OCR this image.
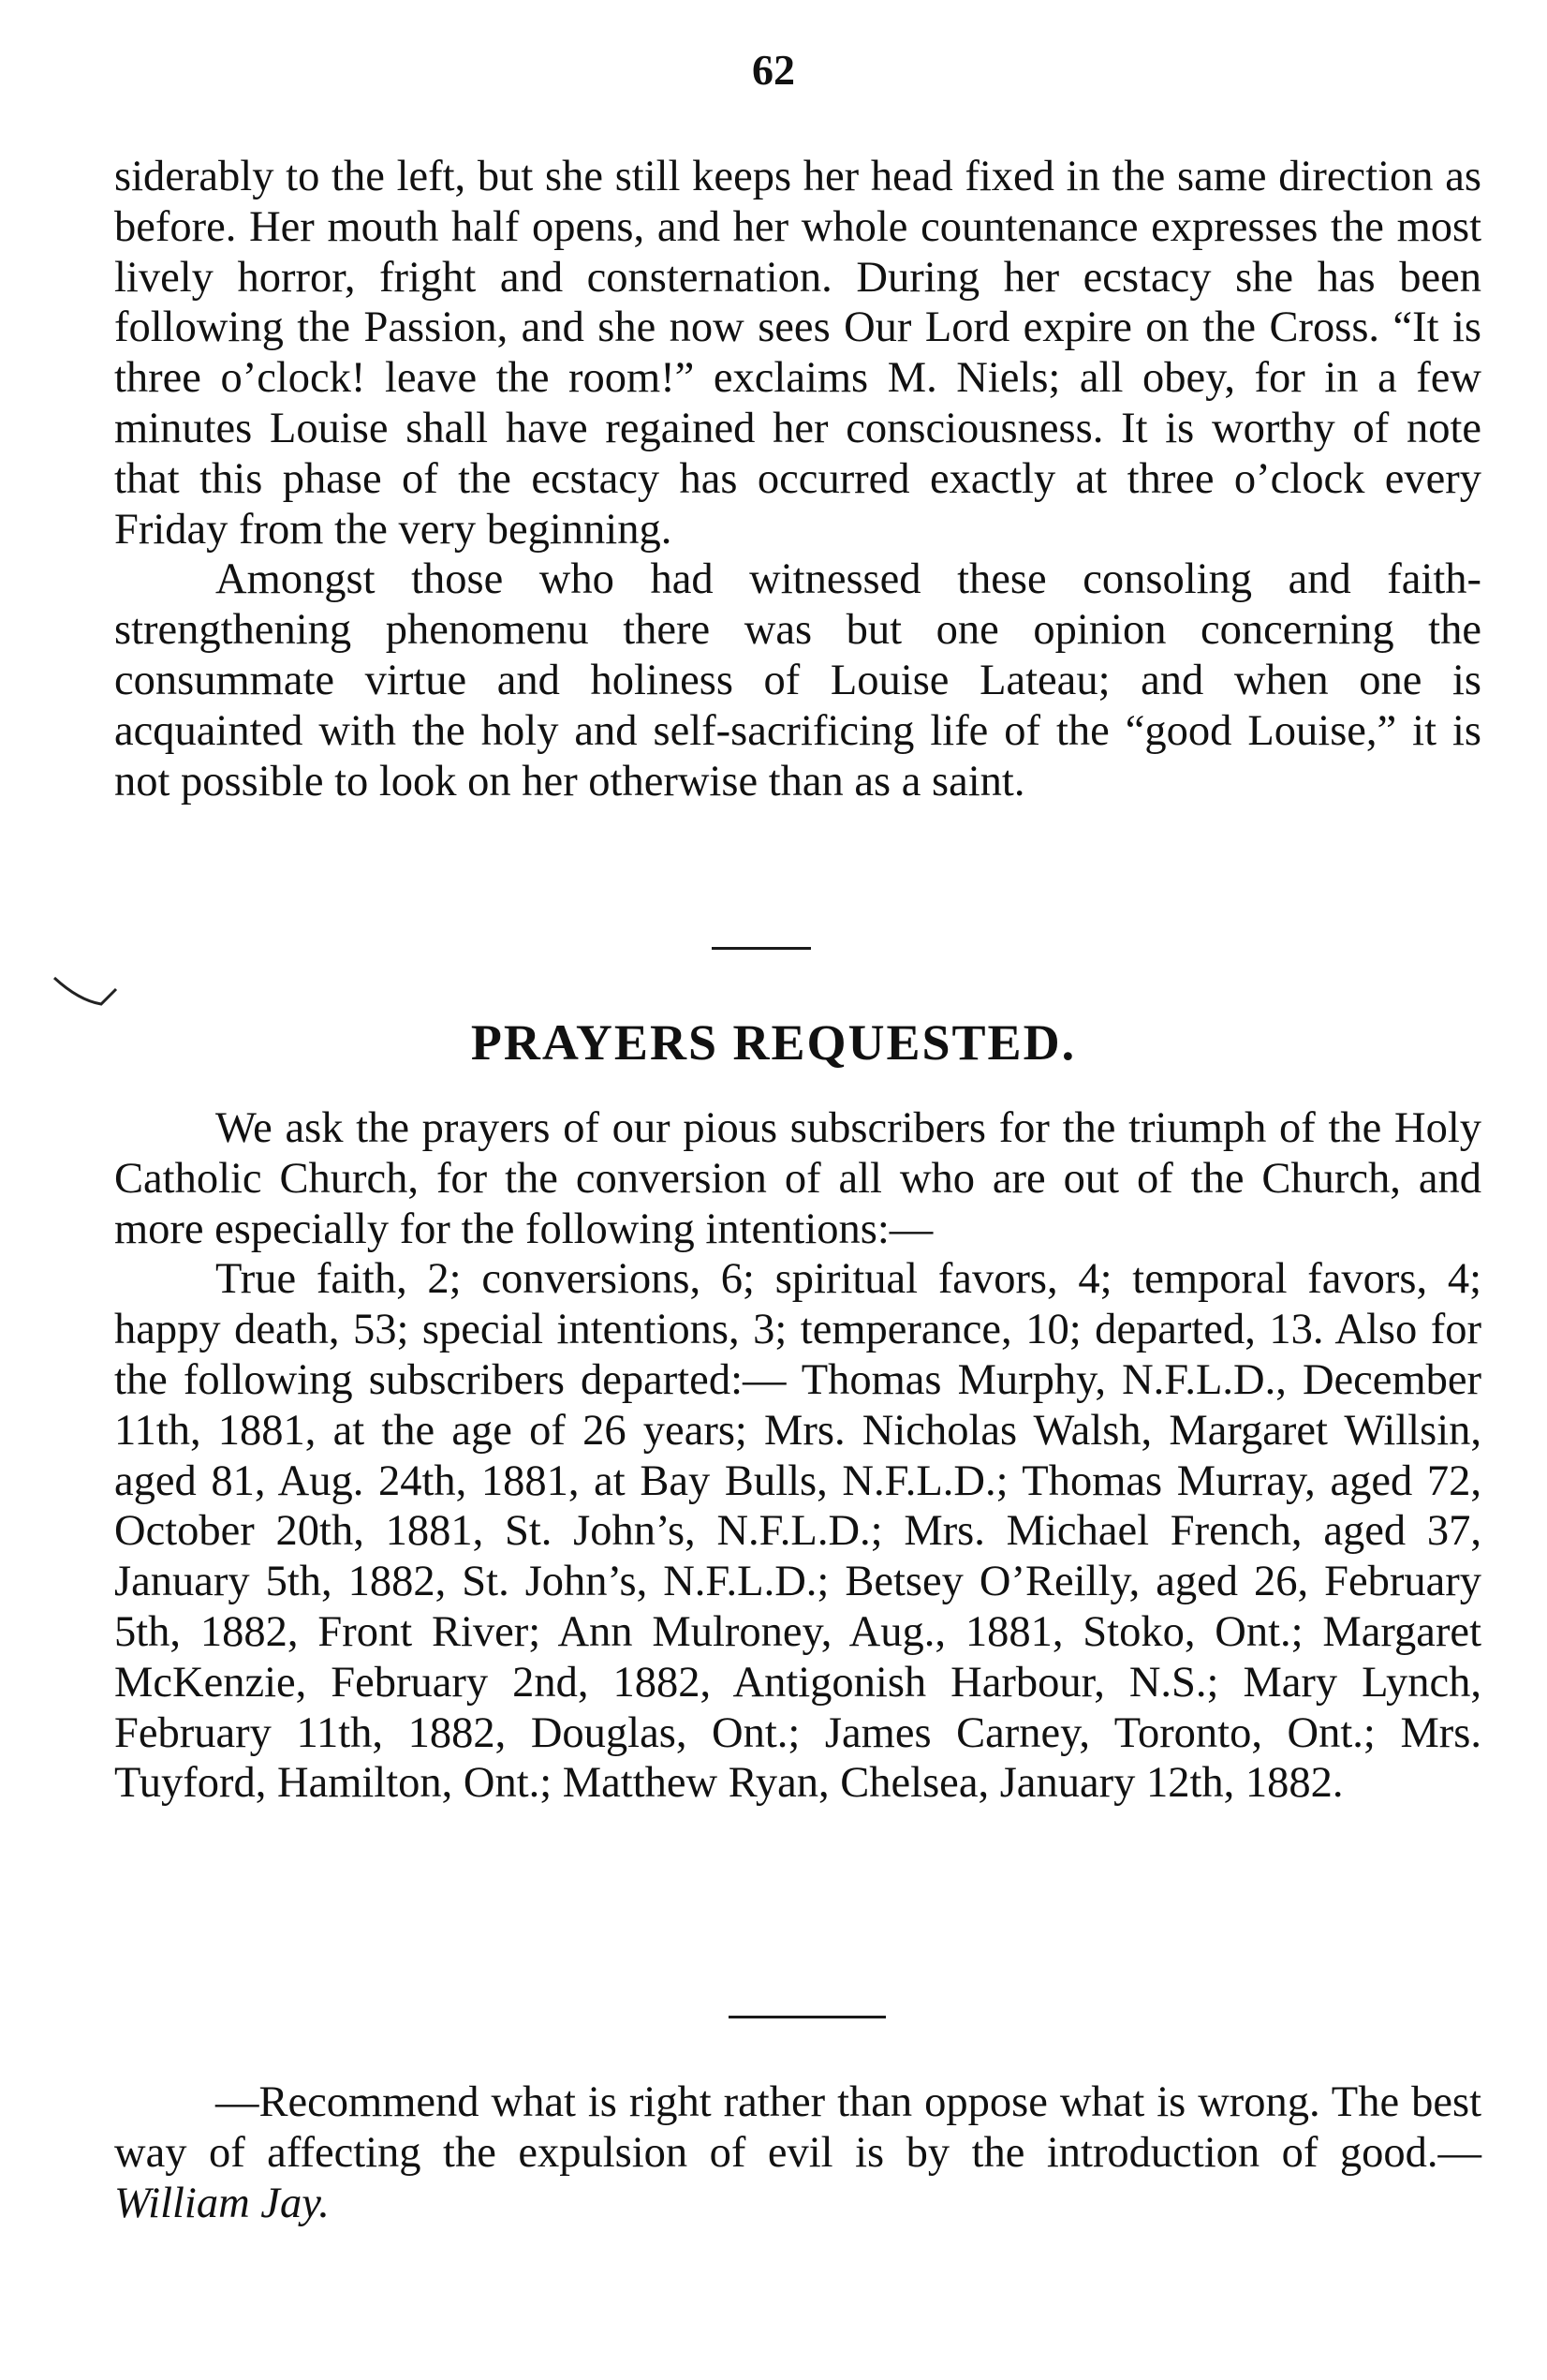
62

siderably to the left, but she still keeps her head fixed in the same direction as before. Her mouth half opens, and her whole countenance expresses the most lively horror, fright and consternation. During her ecstacy she has been following the Passion, and she now sees Our Lord expire on the Cross. “It is three o’clock! leave the room!” exclaims M. Niels; all obey, for in a few minutes Louise shall have regained her consciousness. It is worthy of note that this phase of the ecstacy has occurred exactly at three o’clock every Friday from the very beginning.

Amongst those who had witnessed these consoling and faith-strengthening phenomenu there was but one opinion concerning the consummate virtue and holiness of Louise Lateau; and when one is acquainted with the holy and self-sacrificing life of the “good Louise,” it is not possible to look on her otherwise than as a saint.

PRAYERS REQUESTED.

We ask the prayers of our pious subscribers for the triumph of the Holy Catholic Church, for the conversion of all who are out of the Church, and more especially for the following intentions:—

True faith, 2; conversions, 6; spiritual favors, 4; temporal favors, 4; happy death, 53; special intentions, 3; temperance, 10; departed, 13. Also for the following subscribers departed:— Thomas Murphy, N.F.L.D., December 11th, 1881, at the age of 26 years; Mrs. Nicholas Walsh, Margaret Willsin, aged 81, Aug. 24th, 1881, at Bay Bulls, N.F.L.D.; Thomas Murray, aged 72, October 20th, 1881, St. John’s, N.F.L.D.; Mrs. Michael French, aged 37, January 5th, 1882, St. John’s, N.F.L.D.; Betsey O’Reilly, aged 26, February 5th, 1882, Front River; Ann Mulroney, Aug., 1881, Stoko, Ont.; Margaret McKenzie, February 2nd, 1882, Antigonish Harbour, N.S.; Mary Lynch, February 11th, 1882, Douglas, Ont.; James Carney, Toronto, Ont.; Mrs. Tuyford, Hamilton, Ont.; Matthew Ryan, Chelsea, January 12th, 1882.

—Recommend what is right rather than oppose what is wrong. The best way of affecting the expulsion of evil is by the introduction of good.—William Jay.
